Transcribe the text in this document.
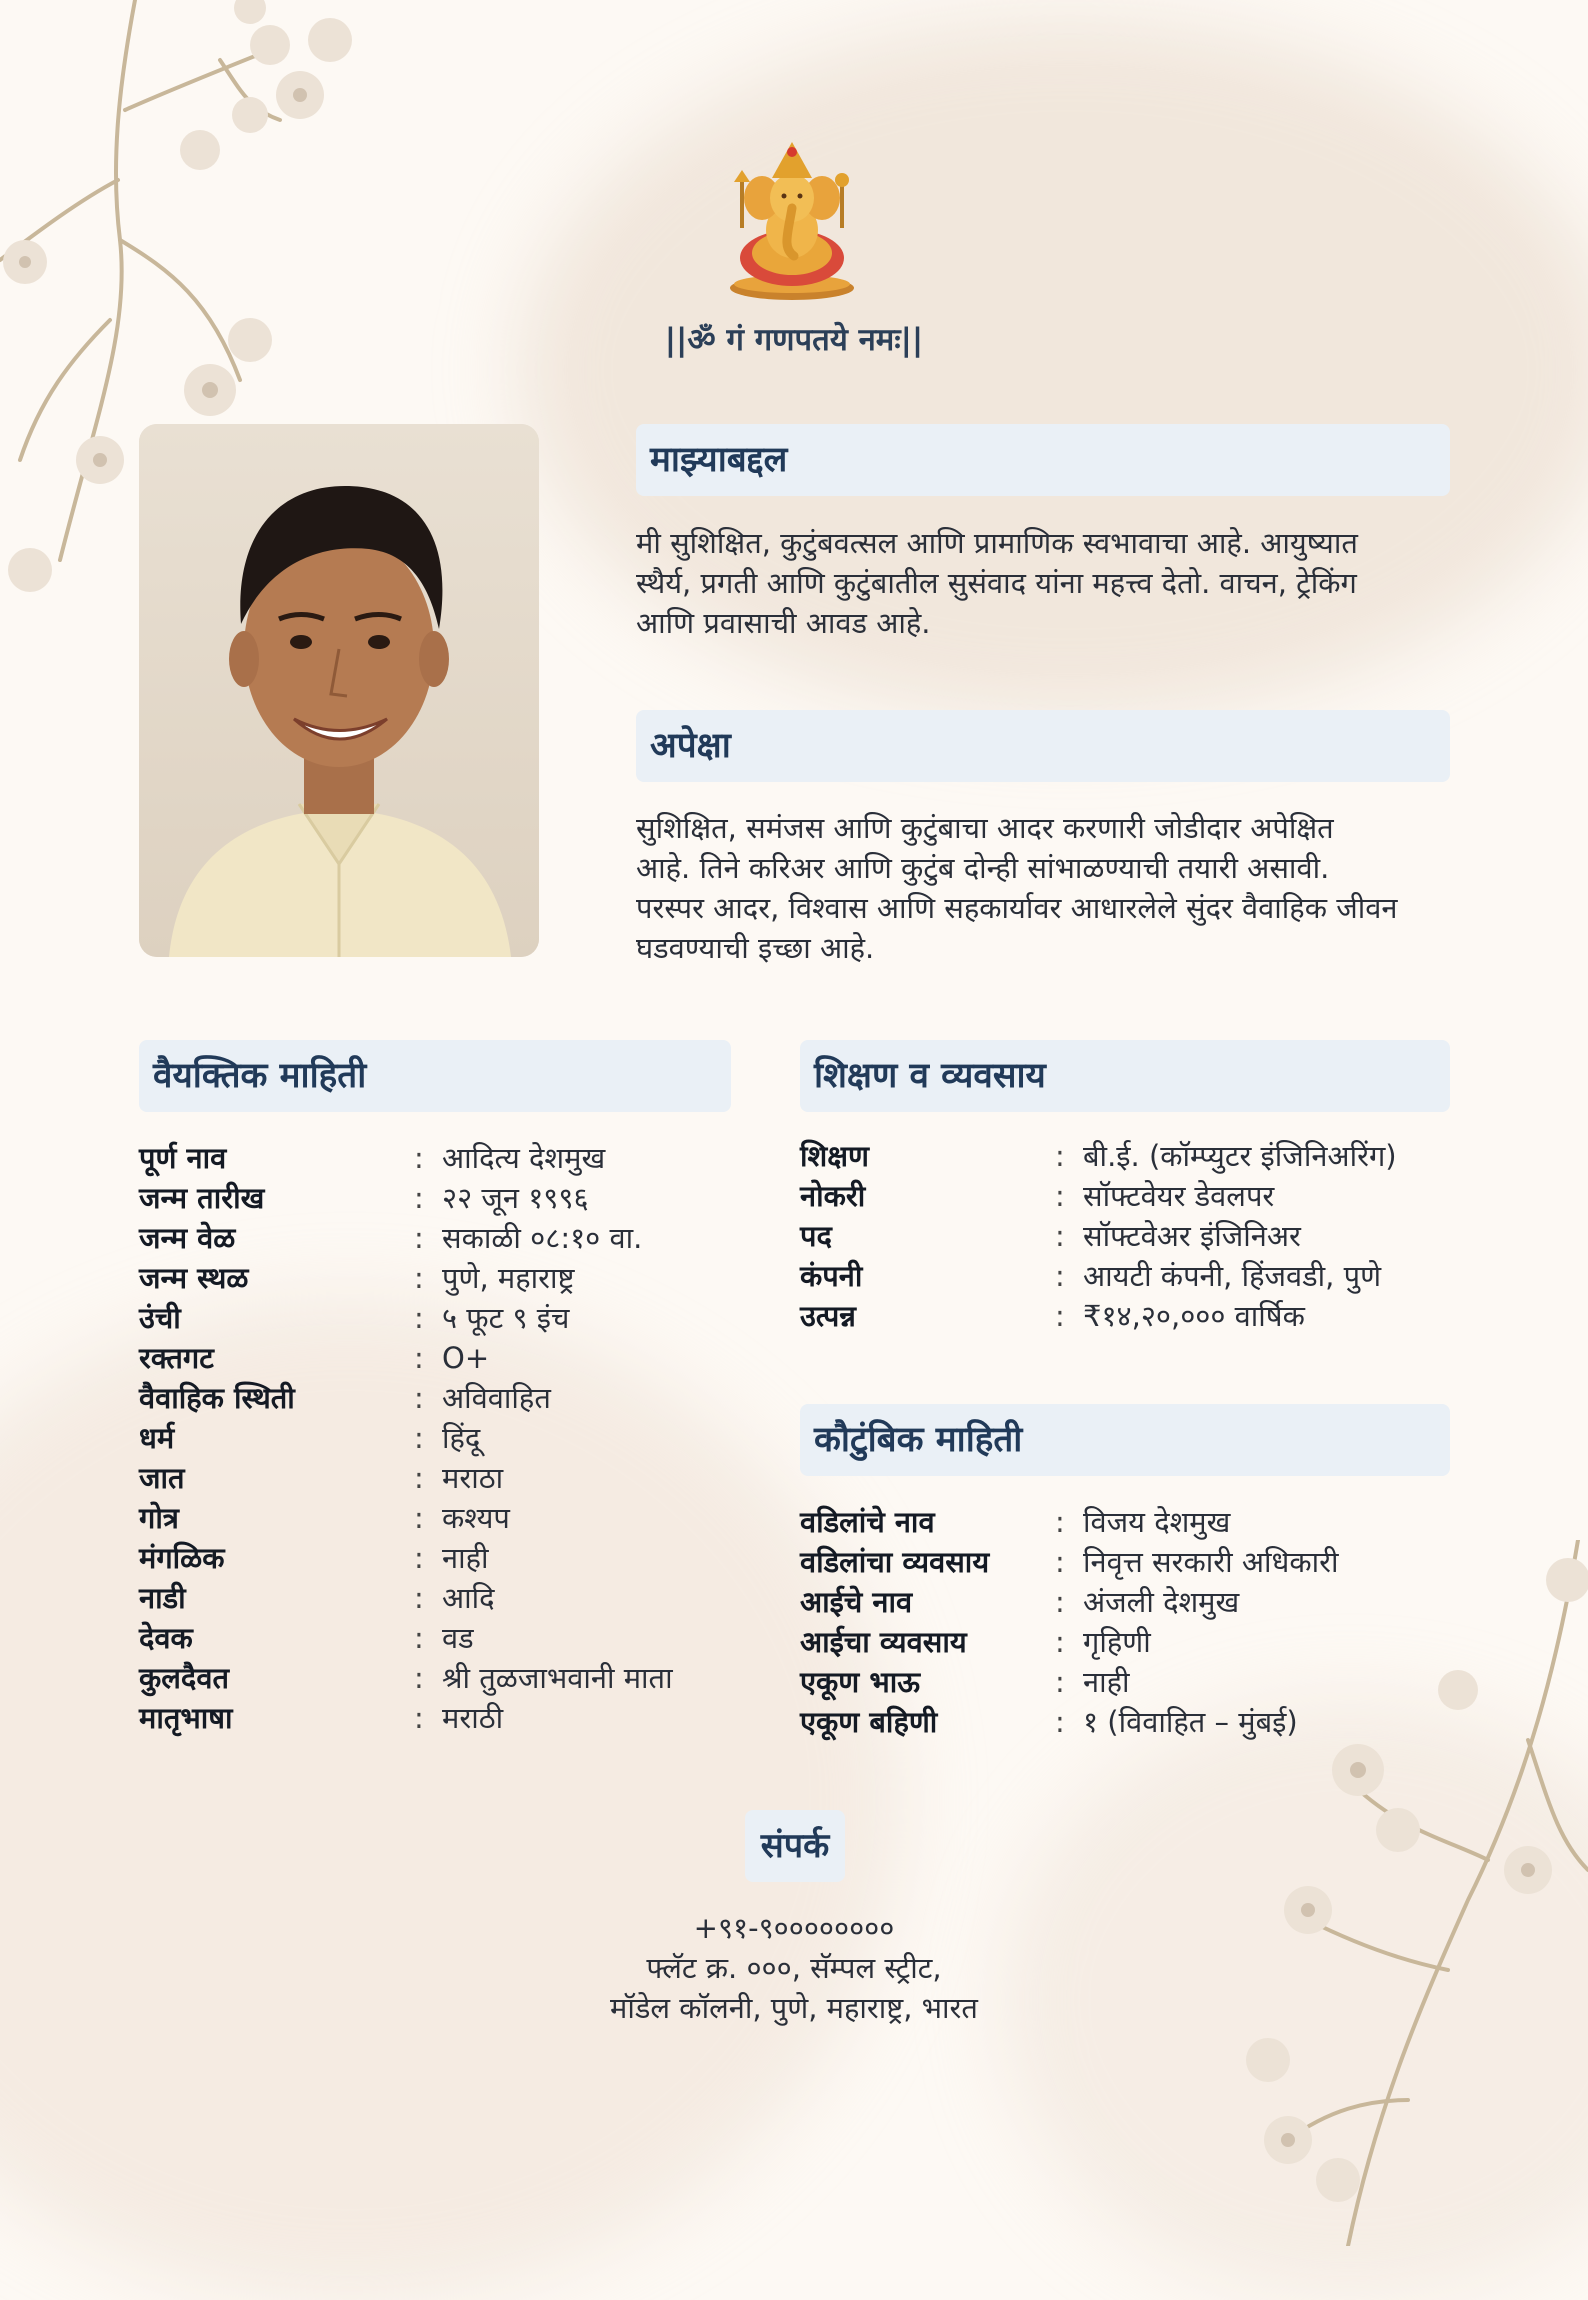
||ॐ गं गणपतये नमः||
माझ्याबद्दल
मी सुशिक्षित, कुटुंबवत्सल आणि प्रामाणिक स्वभावाचा आहे. आयुष्यात
स्थैर्य, प्रगती आणि कुटुंबातील सुसंवाद यांना महत्त्व देतो. वाचन, ट्रेकिंग
आणि प्रवासाची आवड आहे.
अपेक्षा
सुशिक्षित, समंजस आणि कुटुंबाचा आदर करणारी जोडीदार अपेक्षित
आहे. तिने करिअर आणि कुटुंब दोन्ही सांभाळण्याची तयारी असावी.
परस्पर आदर, विश्वास आणि सहकार्यावर आधारलेले सुंदर वैवाहिक जीवन
घडवण्याची इच्छा आहे.
वैयक्तिक माहिती
पूर्ण नाव	: आदित्य देशमुख
जन्म तारीख	: २२ जून १९९६
जन्म वेळ	: सकाळी ०८:१० वा.
जन्म स्थळ	: पुणे, महाराष्ट्र
उंची	: ५ फूट ९ इंच
रक्तगट	: O+
वैवाहिक स्थिती	: अविवाहित
धर्म	: हिंदू
जात	: मराठा
गोत्र	: कश्यप
मंगळिक	: नाही
नाडी	: आदि
देवक	: वड
कुलदैवत	: श्री तुळजाभवानी माता
मातृभाषा	: मराठी
शिक्षण व व्यवसाय
शिक्षण	: बी.ई. (कॉम्प्युटर इंजिनिअरिंग)
नोकरी	: सॉफ्टवेयर डेवलपर
पद	: सॉफ्टवेअर इंजिनिअर
कंपनी	: आयटी कंपनी, हिंजवडी, पुणे
उत्पन्न	: ₹१४,२०,००० वार्षिक
कौटुंबिक माहिती
वडिलांचे नाव	: विजय देशमुख
वडिलांचा व्यवसाय	: निवृत्त सरकारी अधिकारी
आईचे नाव	: अंजली देशमुख
आईचा व्यवसाय	: गृहिणी
एकूण भाऊ	: नाही
एकूण बहिणी	: १ (विवाहित – मुंबई)
संपर्क
+९१-९००००००००
फ्लॅट क्र. ०००, सॅम्पल स्ट्रीट,
मॉडेल कॉलनी, पुणे, महाराष्ट्र, भारत
